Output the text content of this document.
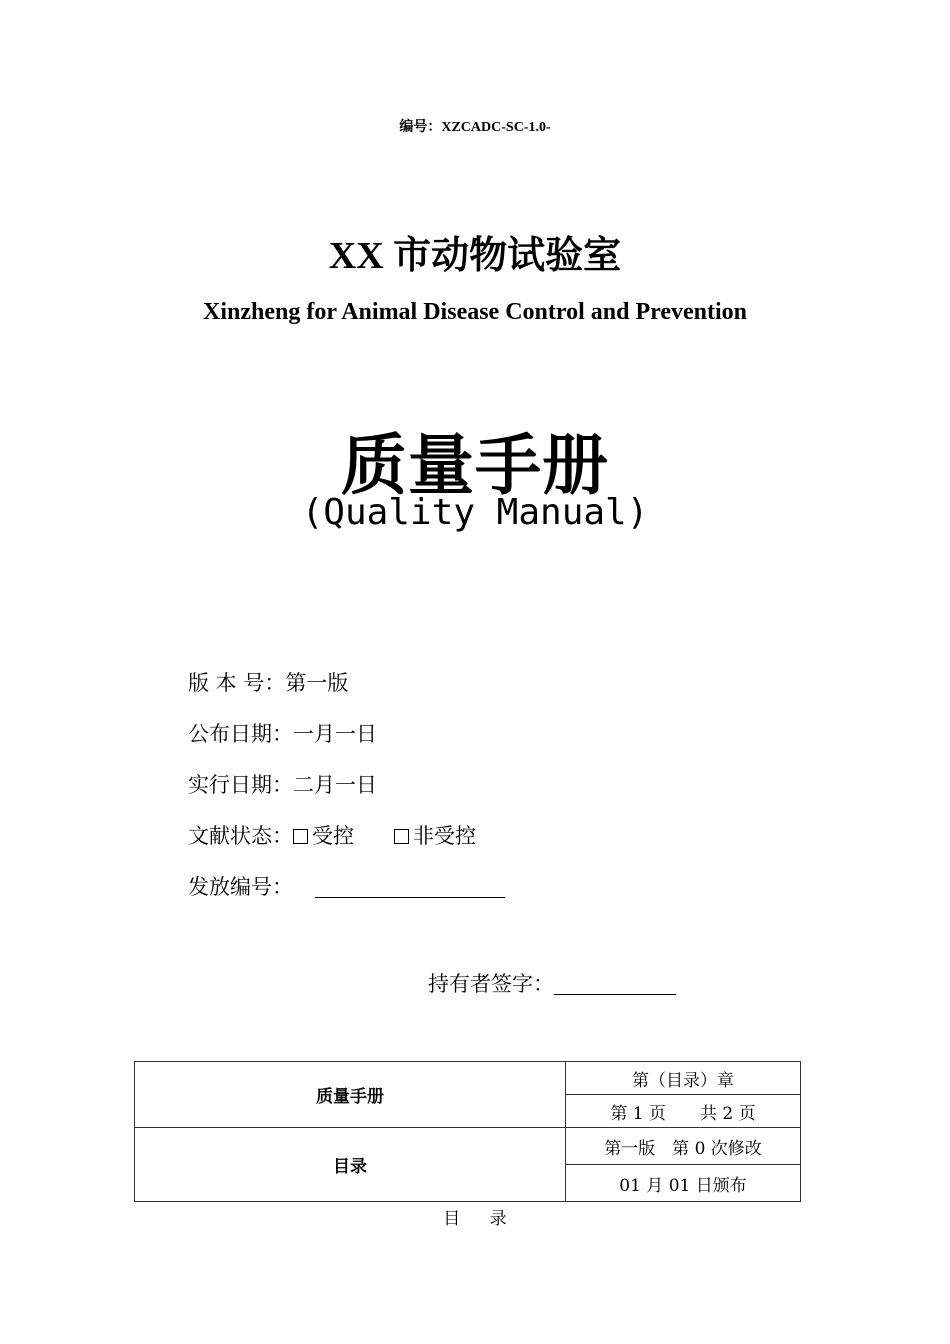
编号：XZCADC-SC-1.0-
XX 市动物试验室
Xinzheng for Animal Disease Control and Prevention
质量手册
(Quality Manual)
版 本 号：第一版
公布日期：一月一日
实行日期：二月一日
文献状态： 受控	非受控
发放编号：
持有者签字：
质量手册	第（目录）章
	第 1 页　　共 2 页
目录	第一版　第 0 次修改
	01 月 01 日颁布
目 录
